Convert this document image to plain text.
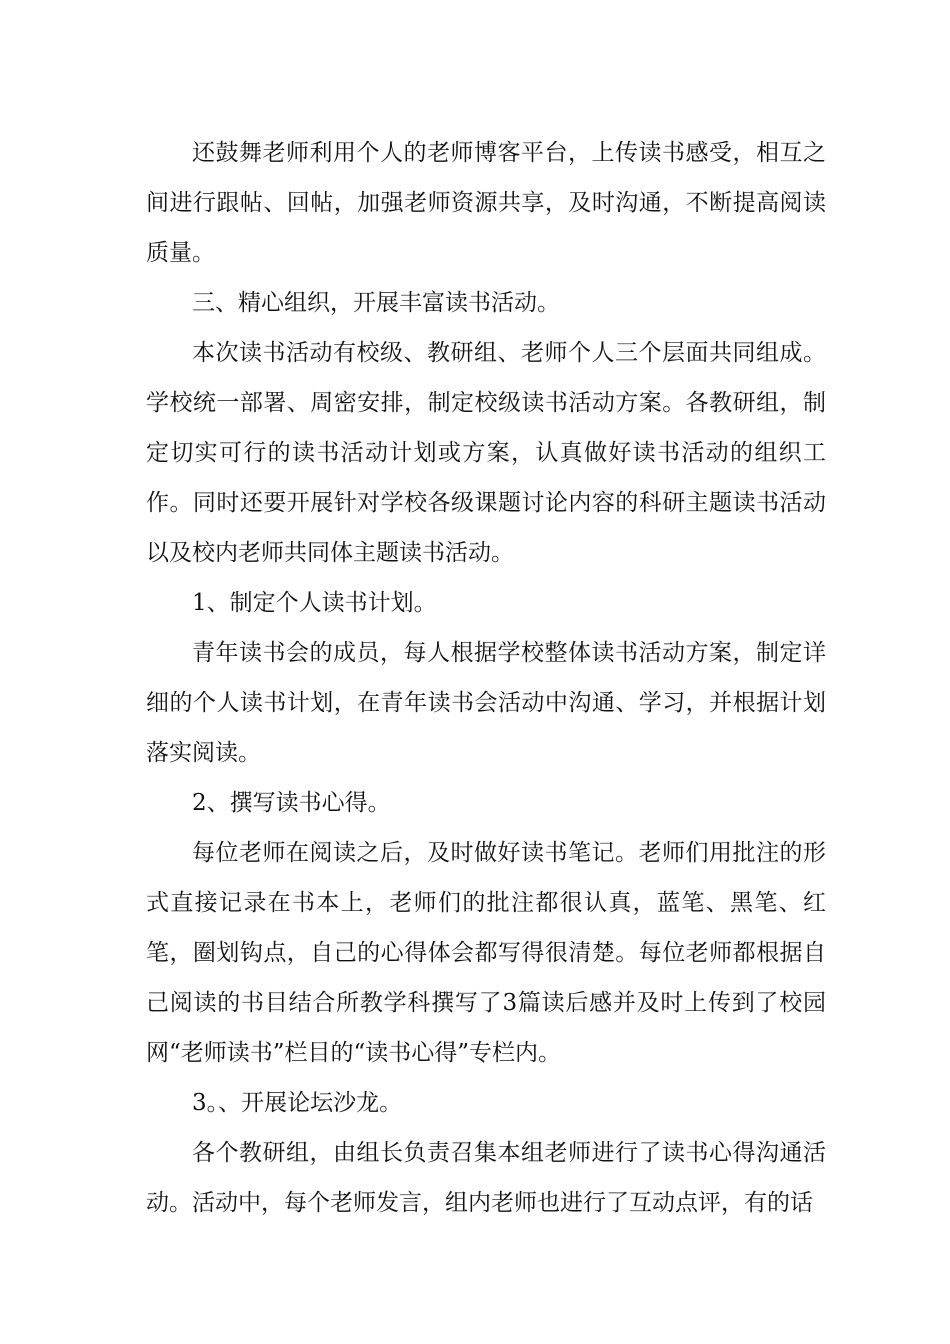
还鼓舞老师利用个人的老师博客平台，上传读书感受，相互之间进行跟帖、回帖，加强老师资源共享，及时沟通，不断提高阅读质量。

三、精心组织，开展丰富读书活动。

本次读书活动有校级、教研组、老师个人三个层面共同组成。学校统一部署、周密安排，制定校级读书活动方案。各教研组，制定切实可行的读书活动计划或方案，认真做好读书活动的组织工作。同时还要开展针对学校各级课题讨论内容的科研主题读书活动以及校内老师共同体主题读书活动。

1、制定个人读书计划。

青年读书会的成员，每人根据学校整体读书活动方案，制定详细的个人读书计划，在青年读书会活动中沟通、学习，并根据计划落实阅读。

2、撰写读书心得。

每位老师在阅读之后，及时做好读书笔记。老师们用批注的形式直接记录在书本上，老师们的批注都很认真，蓝笔、黑笔、红笔，圈划钩点，自己的心得体会都写得很清楚。每位老师都根据自己阅读的书目结合所教学科撰写了3篇读后感并及时上传到了校园网“老师读书”栏目的“读书心得”专栏内。

3。、开展论坛沙龙。

各个教研组，由组长负责召集本组老师进行了读书心得沟通活动。活动中，每个老师发言，组内老师也进行了互动点评，有的话
